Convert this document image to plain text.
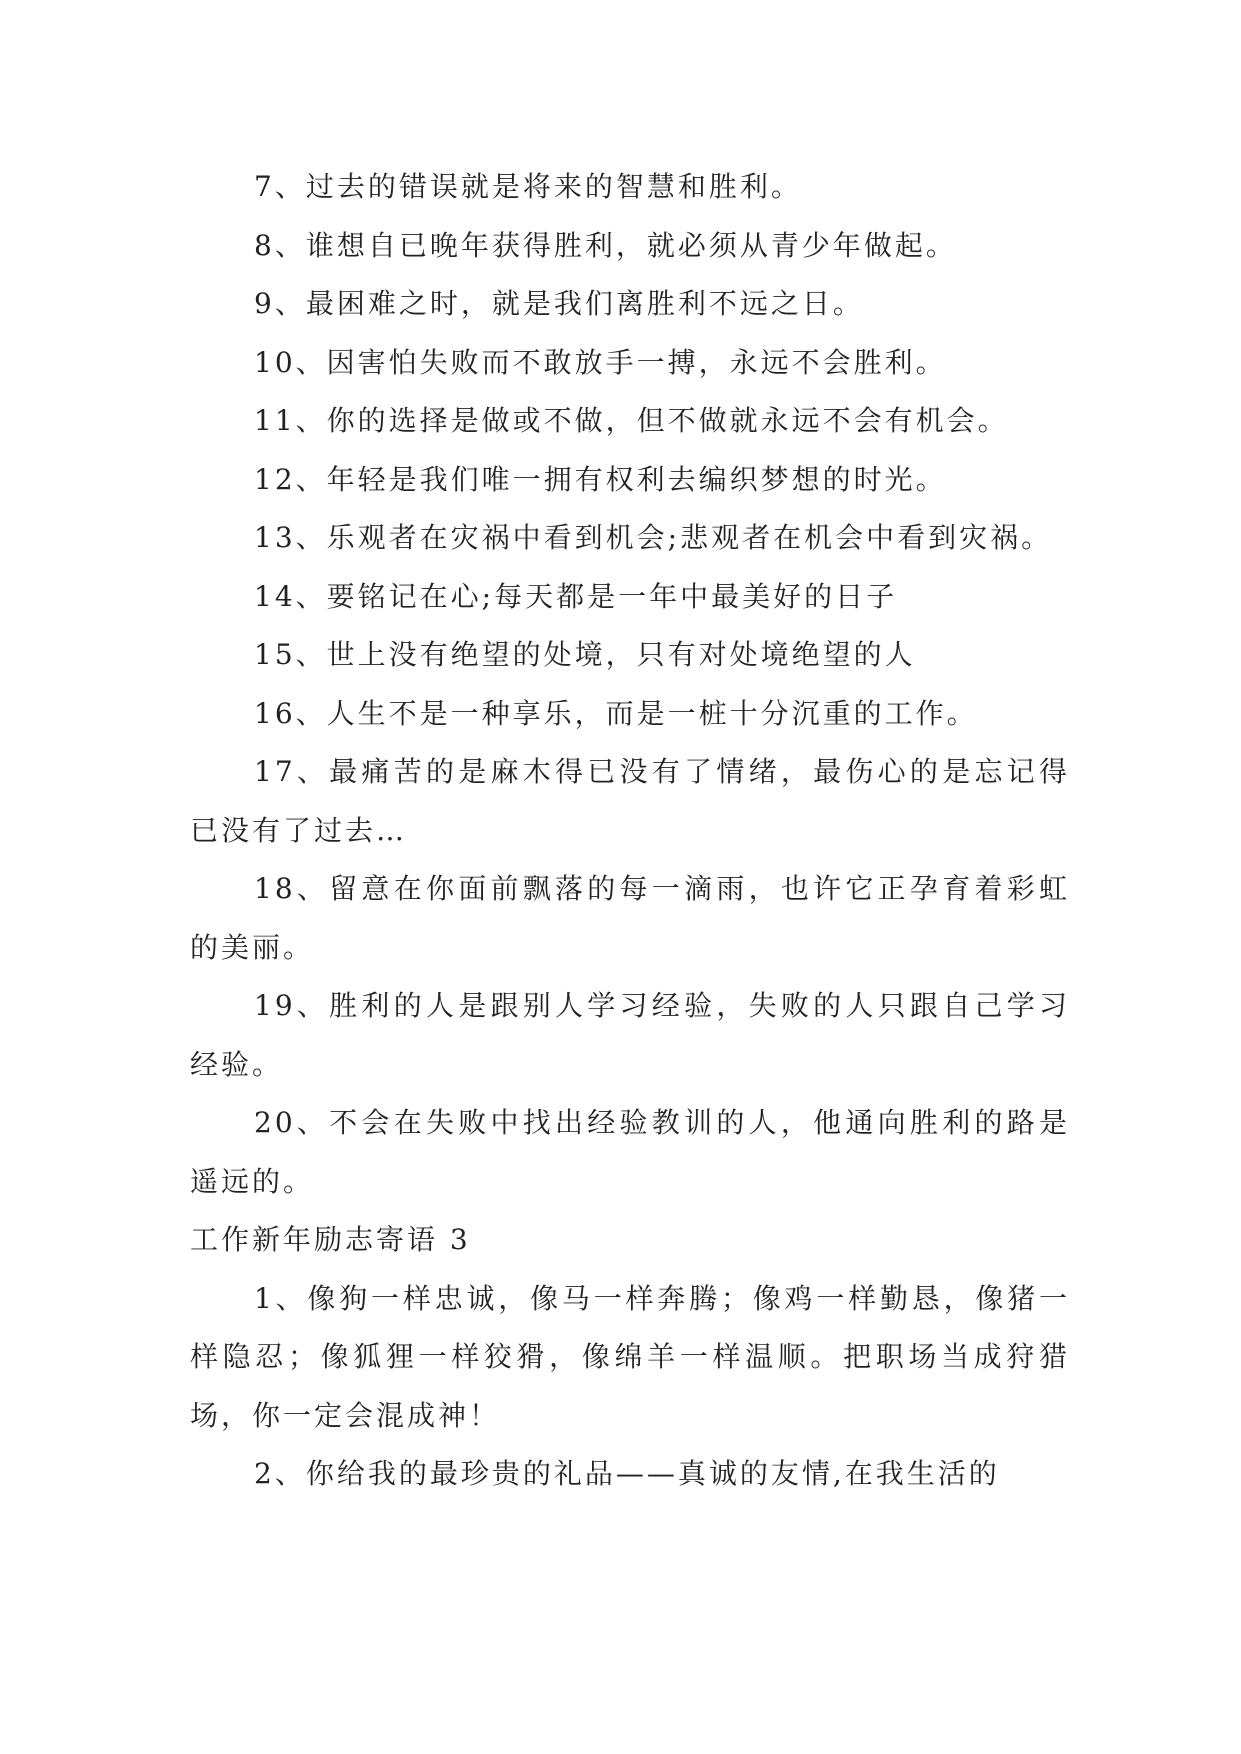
7、过去的错误就是将来的智慧和胜利。

8、谁想自已晚年获得胜利，就必须从青少年做起。

9、最困难之时，就是我们离胜利不远之日。

10、因害怕失败而不敢放手一搏，永远不会胜利。

11、你的选择是做或不做，但不做就永远不会有机会。

12、年轻是我们唯一拥有权利去编织梦想的时光。

13、乐观者在灾祸中看到机会;悲观者在机会中看到灾祸。

14、要铭记在心;每天都是一年中最美好的日子

15、世上没有绝望的处境，只有对处境绝望的人

16、人生不是一种享乐，而是一桩十分沉重的工作。

17、最痛苦的是麻木得已没有了情绪，最伤心的是忘记得已没有了过去…

18、留意在你面前飘落的每一滴雨，也许它正孕育着彩虹的美丽。

19、胜利的人是跟别人学习经验，失败的人只跟自己学习经验。

20、不会在失败中找出经验教训的人，他通向胜利的路是遥远的。

工作新年励志寄语 3

1、像狗一样忠诚，像马一样奔腾；像鸡一样勤恳，像猪一样隐忍；像狐狸一样狡猾，像绵羊一样温顺。把职场当成狩猎场，你一定会混成神！

2、你给我的最珍贵的礼品——真诚的友情,在我生活的
